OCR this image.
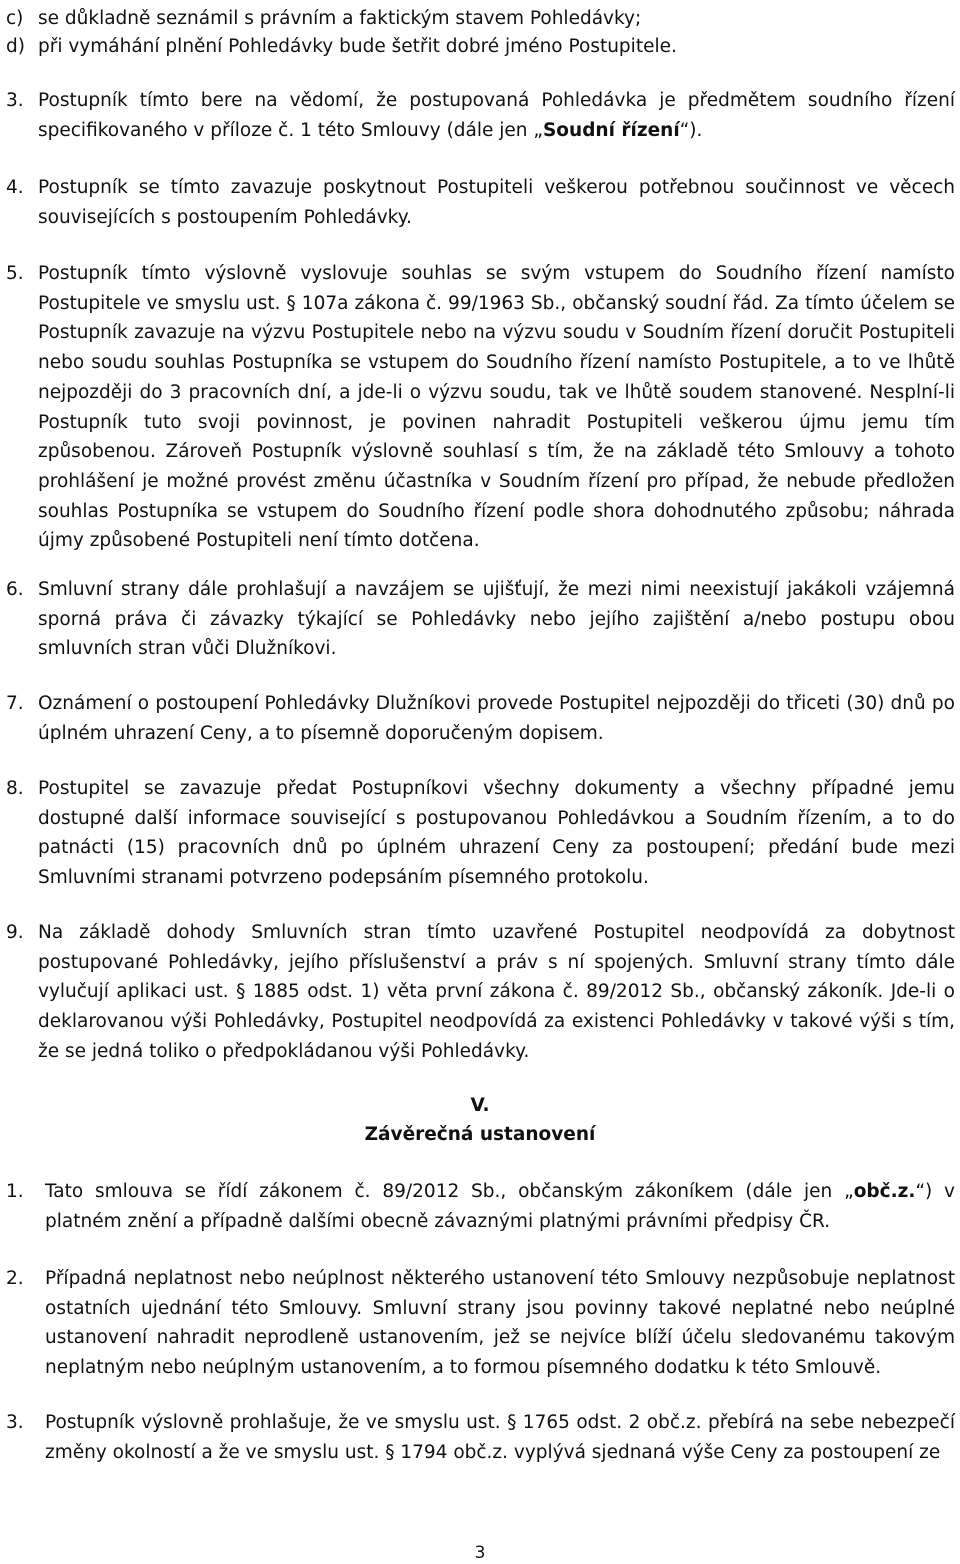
c) se důkladně seznámil s právním a faktickým stavem Pohledávky;

d) při vymáhání plnění Pohledávky bude šetřit dobré jméno Postupitele.

3. Postupník tímto bere na vědomí, že postupovaná Pohledávka je předmětem soudního řízení specifikovaného v příloze č. 1 této Smlouvy (dále jen „Soudní řízení“).
4. Postupník se tímto zavazuje poskytnout Postupiteli veškerou potřebnou součinnost ve věcech souvisejících s postoupením Pohledávky.
5. Postupník tímto výslovně vyslovuje souhlas se svým vstupem do Soudního řízení namísto Postupitele ve smyslu ust. § 107a zákona č. 99/1963 Sb., občanský soudní řád. Za tímto účelem se Postupník zavazuje na výzvu Postupitele nebo na výzvu soudu v Soudním řízení doručit Postupiteli nebo soudu souhlas Postupníka se vstupem do Soudního řízení namísto Postupitele, a to ve lhůtě nejpozději do 3 pracovních dní, a jde-li o výzvu soudu, tak ve lhůtě soudem stanovené. Nesplní-li Postupník tuto svoji povinnost, je povinen nahradit Postupiteli veškerou újmu jemu tím způsobenou. Zároveň Postupník výslovně souhlasí s tím, že na základě této Smlouvy a tohoto prohlášení je možné provést změnu účastníka v Soudním řízení pro případ, že nebude předložen souhlas Postupníka se vstupem do Soudního řízení podle shora dohodnutého způsobu; náhrada újmy způsobené Postupiteli není tímto dotčena.
6. Smluvní strany dále prohlašují a navzájem se ujišťují, že mezi nimi neexistují jakákoli vzájemná sporná práva či závazky týkající se Pohledávky nebo jejího zajištění a/nebo postupu obou smluvních stran vůči Dlužníkovi.
7. Oznámení o postoupení Pohledávky Dlužníkovi provede Postupitel nejpozději do třiceti (30) dnů po úplném uhrazení Ceny, a to písemně doporučeným dopisem.
8. Postupitel se zavazuje předat Postupníkovi všechny dokumenty a všechny případné jemu dostupné další informace související s postupovanou Pohledávkou a Soudním řízením, a to do patnácti (15) pracovních dnů po úplném uhrazení Ceny za postoupení; předání bude mezi Smluvními stranami potvrzeno podepsáním písemného protokolu.
9. Na základě dohody Smluvních stran tímto uzavřené Postupitel neodpovídá za dobytnost postupované Pohledávky, jejího příslušenství a práv s ní spojených. Smluvní strany tímto dále vylučují aplikaci ust. § 1885 odst. 1) věta první zákona č. 89/2012 Sb., občanský zákoník. Jde-li o deklarovanou výši Pohledávky, Postupitel neodpovídá za existenci Pohledávky v takové výši s tím, že se jedná toliko o předpokládanou výši Pohledávky.

V.

Závěrečná ustanovení

1. Tato smlouva se řídí zákonem č. 89/2012 Sb., občanským zákoníkem (dále jen „obč.z.“) v platném znění a případně dalšími obecně závaznými platnými právními předpisy ČR.
2. Případná neplatnost nebo neúplnost některého ustanovení této Smlouvy nezpůsobuje neplatnost ostatních ujednání této Smlouvy. Smluvní strany jsou povinny takové neplatné nebo neúplné ustanovení nahradit neprodleně ustanovením, jež se nejvíce blíží účelu sledovanému takovým neplatným nebo neúplným ustanovením, a to formou písemného dodatku k této Smlouvě.
3. Postupník výslovně prohlašuje, že ve smyslu ust. § 1765 odst. 2 obč.z. přebírá na sebe nebezpečí změny okolností a že ve smyslu ust. § 1794 obč.z. vyplývá sjednaná výše Ceny za postoupení ze
3
